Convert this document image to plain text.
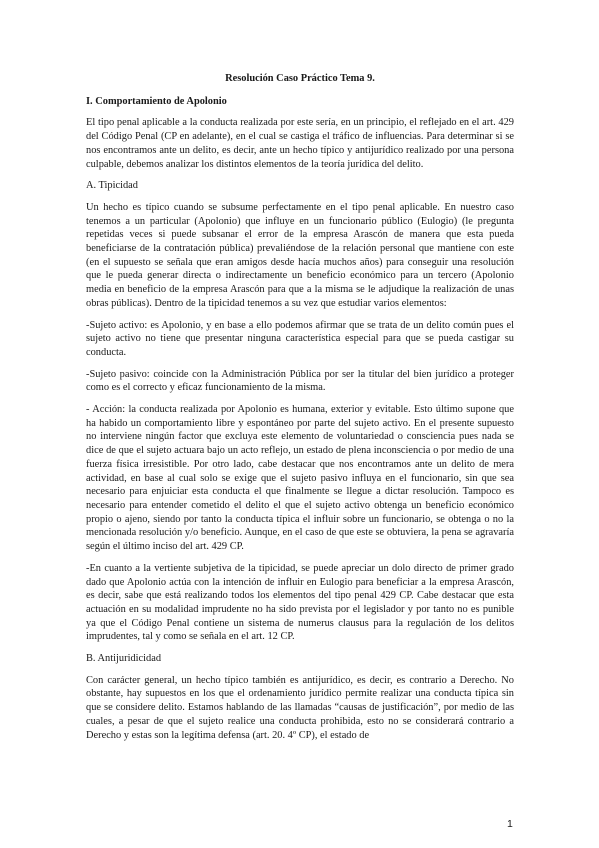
Resolución Caso Práctico Tema 9.
I. Comportamiento de Apolonio

El tipo penal aplicable a la conducta realizada por este sería, en un principio, el reflejado en el art. 429 del Código Penal (CP en adelante), en el cual se castiga el tráfico de influencias. Para determinar si se nos encontramos ante un delito, es decir, ante un hecho típico y antijurídico realizado por una persona culpable, debemos analizar los distintos elementos de la teoría jurídica del delito.

A. Tipicidad

Un hecho es típico cuando se subsume perfectamente en el tipo penal aplicable. En nuestro caso tenemos a un particular (Apolonio) que influye en un funcionario público (Eulogio) (le pregunta repetidas veces si puede subsanar el error de la empresa Arascón de manera que esta pueda beneficiarse de la contratación pública) prevaliéndose de la relación personal que mantiene con este (en el supuesto se señala que eran amigos desde hacía muchos años) para conseguir una resolución que le pueda generar directa o indirectamente un beneficio económico para un tercero (Apolonio media en beneficio de la empresa Arascón para que a la misma se le adjudique la realización de unas obras públicas). Dentro de la tipicidad tenemos a su vez que estudiar varios elementos:

-Sujeto activo: es Apolonio, y en base a ello podemos afirmar que se trata de un delito común pues el sujeto activo no tiene que presentar ninguna característica especial para que se pueda castigar su conducta.

-Sujeto pasivo: coincide con la Administración Pública por ser la titular del bien jurídico a proteger como es el correcto y eficaz funcionamiento de la misma.

- Acción: la conducta realizada por Apolonio es humana, exterior y evitable. Esto último supone que ha habido un comportamiento libre y espontáneo por parte del sujeto activo. En el presente supuesto no interviene ningún factor que excluya este elemento de voluntariedad o consciencia pues nada se dice de que el sujeto actuara bajo un acto reflejo, un estado de plena inconsciencia o por medio de una fuerza física irresistible. Por otro lado, cabe destacar que nos encontramos ante un delito de mera actividad, en base al cual solo se exige que el sujeto pasivo influya en el funcionario, sin que sea necesario para enjuiciar esta conducta el que finalmente se llegue a dictar resolución. Tampoco es necesario para entender cometido el delito el que el sujeto activo obtenga un beneficio económico propio o ajeno, siendo por tanto la conducta típica el influir sobre un funcionario, se obtenga o no la mencionada resolución y/o beneficio. Aunque, en el caso de que este se obtuviera, la pena se agravaría según el último inciso del art. 429 CP.

-En cuanto a la vertiente subjetiva de la tipicidad, se puede apreciar un dolo directo de primer grado dado que Apolonio actúa con la intención de influir en Eulogio para beneficiar a la empresa Arascón, es decir, sabe que está realizando todos los elementos del tipo penal 429 CP. Cabe destacar que esta actuación en su modalidad imprudente no ha sido prevista por el legislador y por tanto no es punible ya que el Código Penal contiene un sistema de numerus clausus para la regulación de los delitos imprudentes, tal y como se señala en el art. 12 CP.

B. Antijuridicidad

Con carácter general, un hecho típico también es antijurídico, es decir, es contrario a Derecho. No obstante, hay supuestos en los que el ordenamiento jurídico permite realizar una conducta típica sin que se considere delito. Estamos hablando de las llamadas “causas de justificación”, por medio de las cuales, a pesar de que el sujeto realice una conducta prohibida, esto no se considerará contrario a Derecho y estas son la legítima defensa (art. 20. 4º CP), el estado de

1
